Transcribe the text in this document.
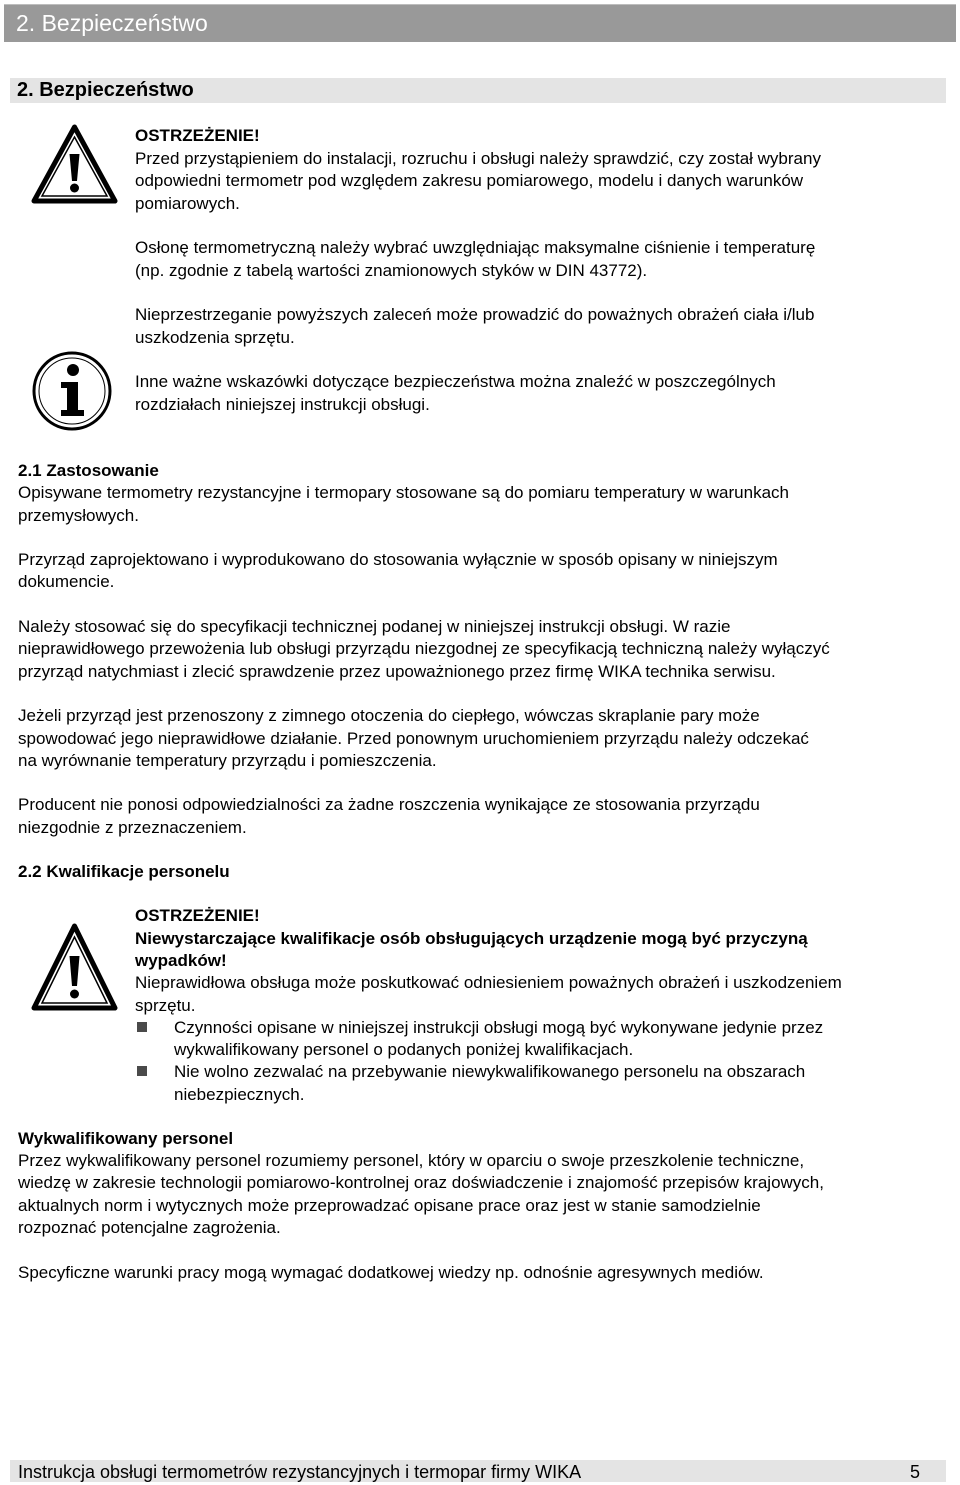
2. Bezpieczeństwo
2. Bezpieczeństwo
OSTRZEŻENIE!
Przed przystąpieniem do instalacji, rozruchu i obsługi należy sprawdzić, czy został wybrany
odpowiedni termometr pod względem zakresu pomiarowego, modelu i danych warunków
pomiarowych.
Osłonę termometryczną należy wybrać uwzględniając maksymalne ciśnienie i temperaturę
(np. zgodnie z tabelą wartości znamionowych styków w DIN 43772).
Nieprzestrzeganie powyższych zaleceń może prowadzić do poważnych obrażeń ciała i/lub
uszkodzenia sprzętu.
Inne ważne wskazówki dotyczące bezpieczeństwa można znaleźć w poszczególnych
rozdziałach niniejszej instrukcji obsługi.
2.1 Zastosowanie
Opisywane termometry rezystancyjne i termopary stosowane są do pomiaru temperatury w warunkach
przemysłowych.
Przyrząd zaprojektowano i wyprodukowano do stosowania wyłącznie w sposób opisany w niniejszym
dokumencie.
Należy stosować się do specyfikacji technicznej podanej w niniejszej instrukcji obsługi. W razie
nieprawidłowego przewożenia lub obsługi przyrządu niezgodnej ze specyfikacją techniczną należy wyłączyć
przyrząd natychmiast i zlecić sprawdzenie przez upoważnionego przez firmę WIKA technika serwisu.
Jeżeli przyrząd jest przenoszony z zimnego otoczenia do ciepłego, wówczas skraplanie pary może
spowodować jego nieprawidłowe działanie. Przed ponownym uruchomieniem przyrządu należy odczekać
na wyrównanie temperatury przyrządu i pomieszczenia.
Producent nie ponosi odpowiedzialności za żadne roszczenia wynikające ze stosowania przyrządu
niezgodnie z przeznaczeniem.
2.2 Kwalifikacje personelu
OSTRZEŻENIE!
Niewystarczające kwalifikacje osób obsługujących urządzenie mogą być przyczyną
wypadków!
Nieprawidłowa obsługa może poskutkować odniesieniem poważnych obrażeń i uszkodzeniem
sprzętu.
Czynności opisane w niniejszej instrukcji obsługi mogą być wykonywane jedynie przez
wykwalifikowany personel o podanych poniżej kwalifikacjach.
Nie wolno zezwalać na przebywanie niewykwalifikowanego personelu na obszarach
niebezpiecznych.
Wykwalifikowany personel
Przez wykwalifikowany personel rozumiemy personel, który w oparciu o swoje przeszkolenie techniczne,
wiedzę w zakresie technologii pomiarowo-kontrolnej oraz doświadczenie i znajomość przepisów krajowych,
aktualnych norm i wytycznych może przeprowadzać opisane prace oraz jest w stanie samodzielnie
rozpoznać potencjalne zagrożenia.
Specyficzne warunki pracy mogą wymagać dodatkowej wiedzy np. odnośnie agresywnych mediów.
Instrukcja obsługi termometrów rezystancyjnych i termopar firmy WIKA	5
